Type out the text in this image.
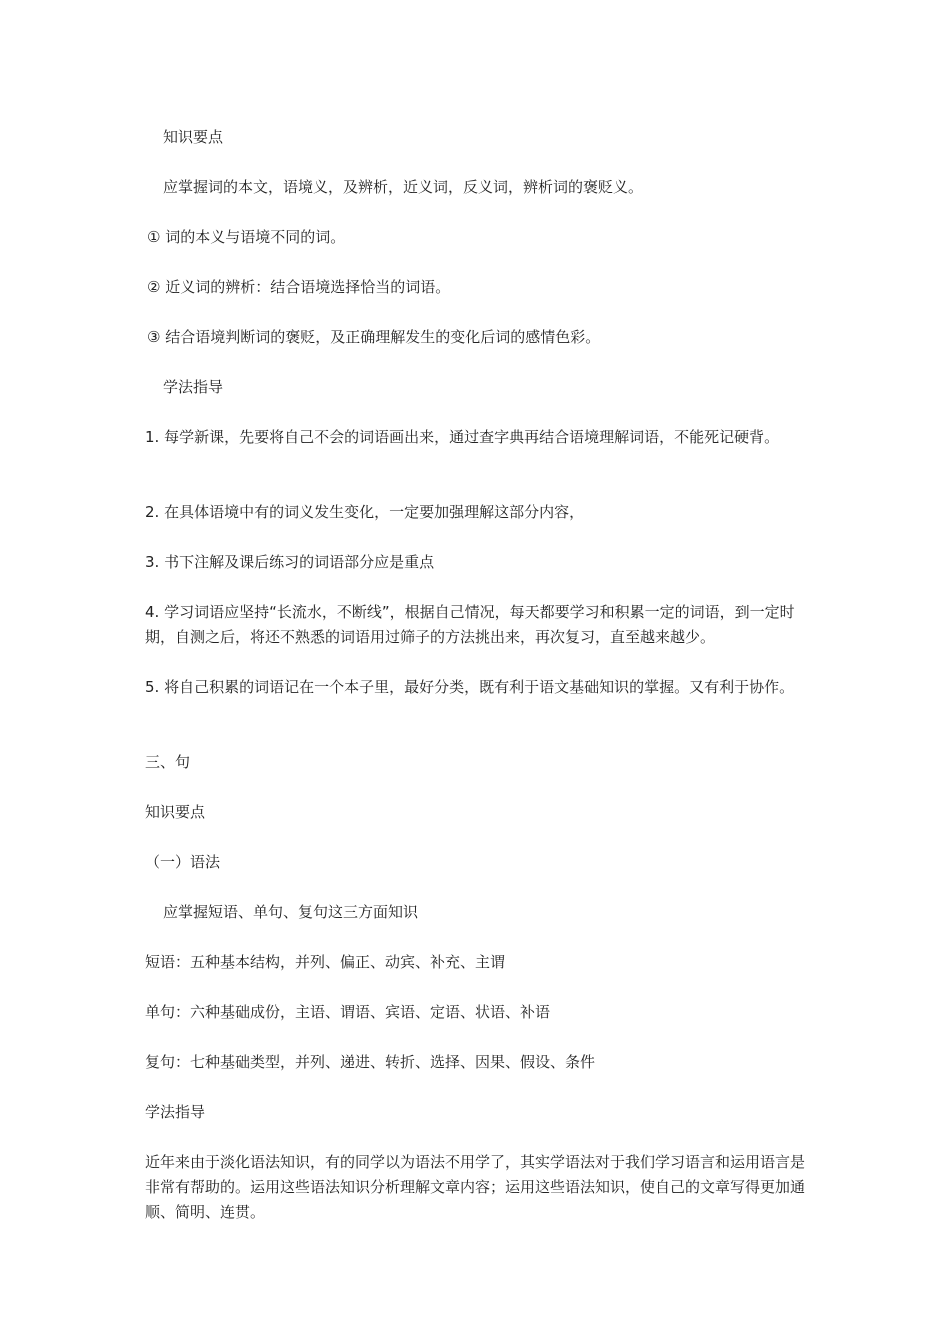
知识要点
应掌握词的本文，语境义，及辨析，近义词，反义词，辨析词的褒贬义。
① 词的本义与语境不同的词。
② 近义词的辨析：结合语境选择恰当的词语。
③ 结合语境判断词的褒贬，及正确理解发生的变化后词的感情色彩。
学法指导
1. 每学新课，先要将自己不会的词语画出来，通过查字典再结合语境理解词语，不能死记硬背。
2. 在具体语境中有的词义发生变化，一定要加强理解这部分内容，
3. 书下注解及课后练习的词语部分应是重点
4. 学习词语应坚持“长流水，不断线”，根据自己情况，每天都要学习和积累一定的词语，到一定时期，自测之后，将还不熟悉的词语用过筛子的方法挑出来，再次复习，直至越来越少。
5. 将自己积累的词语记在一个本子里，最好分类，既有利于语文基础知识的掌握。又有利于协作。
三、句
知识要点
（一）语法
应掌握短语、单句、复句这三方面知识
短语：五种基本结构，并列、偏正、动宾、补充、主谓
单句：六种基础成份，主语、谓语、宾语、定语、状语、补语
复句：七种基础类型，并列、递进、转折、选择、因果、假设、条件
学法指导
近年来由于淡化语法知识，有的同学以为语法不用学了，其实学语法对于我们学习语言和运用语言是非常有帮助的。运用这些语法知识分析理解文章内容；运用这些语法知识，使自己的文章写得更加通顺、简明、连贯。
